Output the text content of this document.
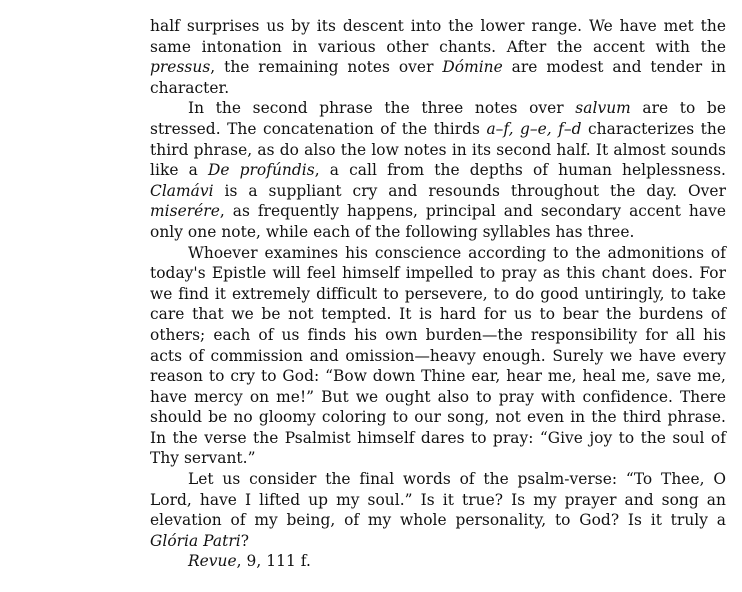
half surprises us by its descent into the lower range. We have met the same intonation in various other chants. After the accent with the pressus, the remaining notes over Dómine are modest and tender in character.

In the second phrase the three notes over salvum are to be stressed. The concatenation of the thirds a–f, g–e, f–d characterizes the third phrase, as do also the low notes in its second half. It almost sounds like a De profúndis, a call from the depths of human helplessness. Clamávi is a suppliant cry and resounds throughout the day. Over miserére, as frequently happens, principal and secondary accent have only one note, while each of the following syllables has three.

Whoever examines his conscience according to the admonitions of today's Epistle will feel himself impelled to pray as this chant does. For we find it extremely difficult to persevere, to do good untiringly, to take care that we be not tempted. It is hard for us to bear the burdens of others; each of us finds his own burden—the responsibility for all his acts of commission and omission—heavy enough. Surely we have every reason to cry to God: “Bow down Thine ear, hear me, heal me, save me, have mercy on me!” But we ought also to pray with confidence. There should be no gloomy coloring to our song, not even in the third phrase. In the verse the Psalmist himself dares to pray: “Give joy to the soul of Thy servant.”

Let us consider the final words of the psalm-verse: “To Thee, O Lord, have I lifted up my soul.” Is it true? Is my prayer and song an elevation of my being, of my whole personality, to God? Is it truly a Glória Patri?

Revue, 9, 111 f.
